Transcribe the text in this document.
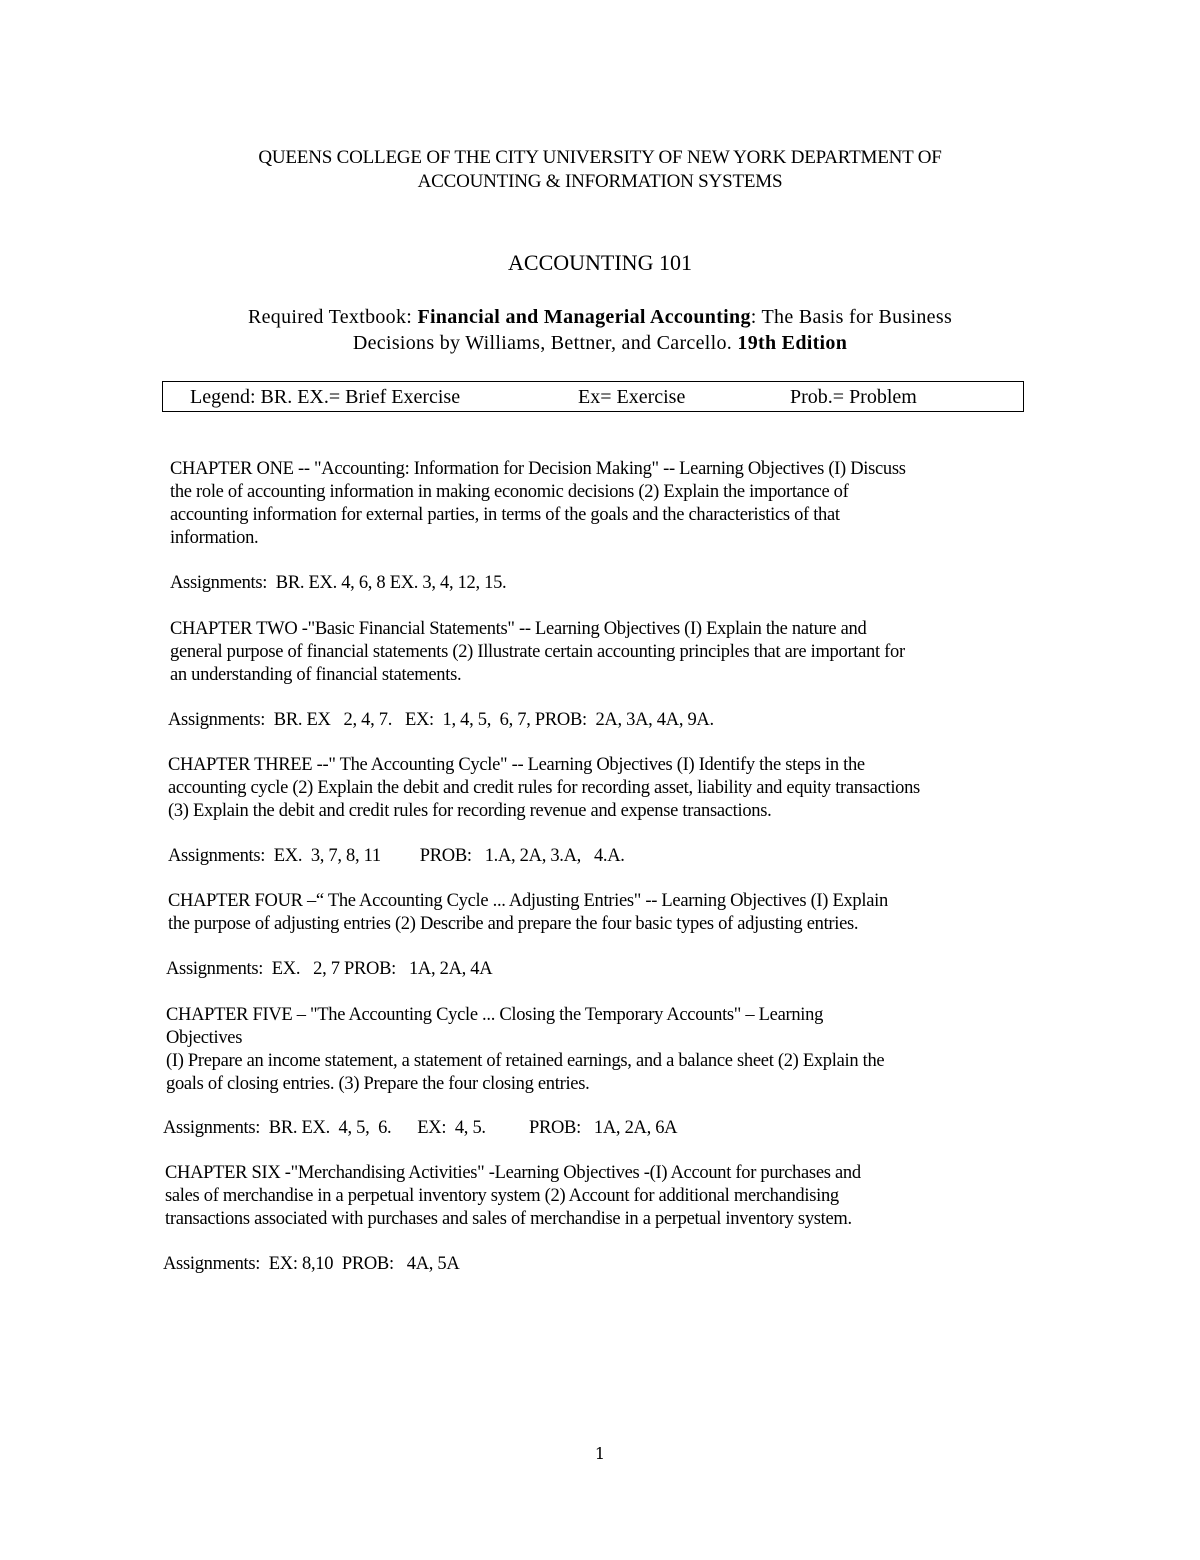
QUEENS COLLEGE OF THE CITY UNIVERSITY OF NEW YORK DEPARTMENT OF
ACCOUNTING & INFORMATION SYSTEMS
ACCOUNTING 101
Required Textbook: Financial and Managerial Accounting: The Basis for Business
Decisions by Williams, Bettner, and Carcello. 19th Edition
Legend: BR. EX.= Brief Exercise	Ex= Exercise	Prob.= Problem
CHAPTER ONE -- "Accounting: Information for Decision Making" -- Learning Objectives (I) Discuss
the role of accounting information in making economic decisions (2) Explain the importance of
accounting information for external parties, in terms of the goals and the characteristics of that
information.
Assignments:  BR. EX. 4, 6, 8 EX. 3, 4, 12, 15.
CHAPTER TWO -"Basic Financial Statements" -- Learning Objectives (I) Explain the nature and
general purpose of financial statements (2) Illustrate certain accounting principles that are important for
an understanding of financial statements.
Assignments:  BR. EX   2, 4, 7.   EX:  1, 4, 5,  6, 7, PROB:  2A, 3A, 4A, 9A.
CHAPTER THREE --" The Accounting Cycle" -- Learning Objectives (I) Identify the steps in the
accounting cycle (2) Explain the debit and credit rules for recording asset, liability and equity transactions
(3) Explain the debit and credit rules for recording revenue and expense transactions.
Assignments:  EX.  3, 7, 8, 11         PROB:   1.A, 2A, 3.A,   4.A.
CHAPTER FOUR –“ The Accounting Cycle ... Adjusting Entries" -- Learning Objectives (I) Explain
the purpose of adjusting entries (2) Describe and prepare the four basic types of adjusting entries.
Assignments:  EX.   2, 7 PROB:   1A, 2A, 4A
CHAPTER FIVE – "The Accounting Cycle ... Closing the Temporary Accounts" – Learning
Objectives
(I) Prepare an income statement, a statement of retained earnings, and a balance sheet (2) Explain the
goals of closing entries. (3) Prepare the four closing entries.
Assignments:  BR. EX.  4, 5,  6.      EX:  4, 5.          PROB:   1A, 2A, 6A
CHAPTER SIX -"Merchandising Activities" -Learning Objectives -(I) Account for purchases and
sales of merchandise in a perpetual inventory system (2) Account for additional merchandising
transactions associated with purchases and sales of merchandise in a perpetual inventory system.
Assignments:  EX: 8,10  PROB:   4A, 5A
1
